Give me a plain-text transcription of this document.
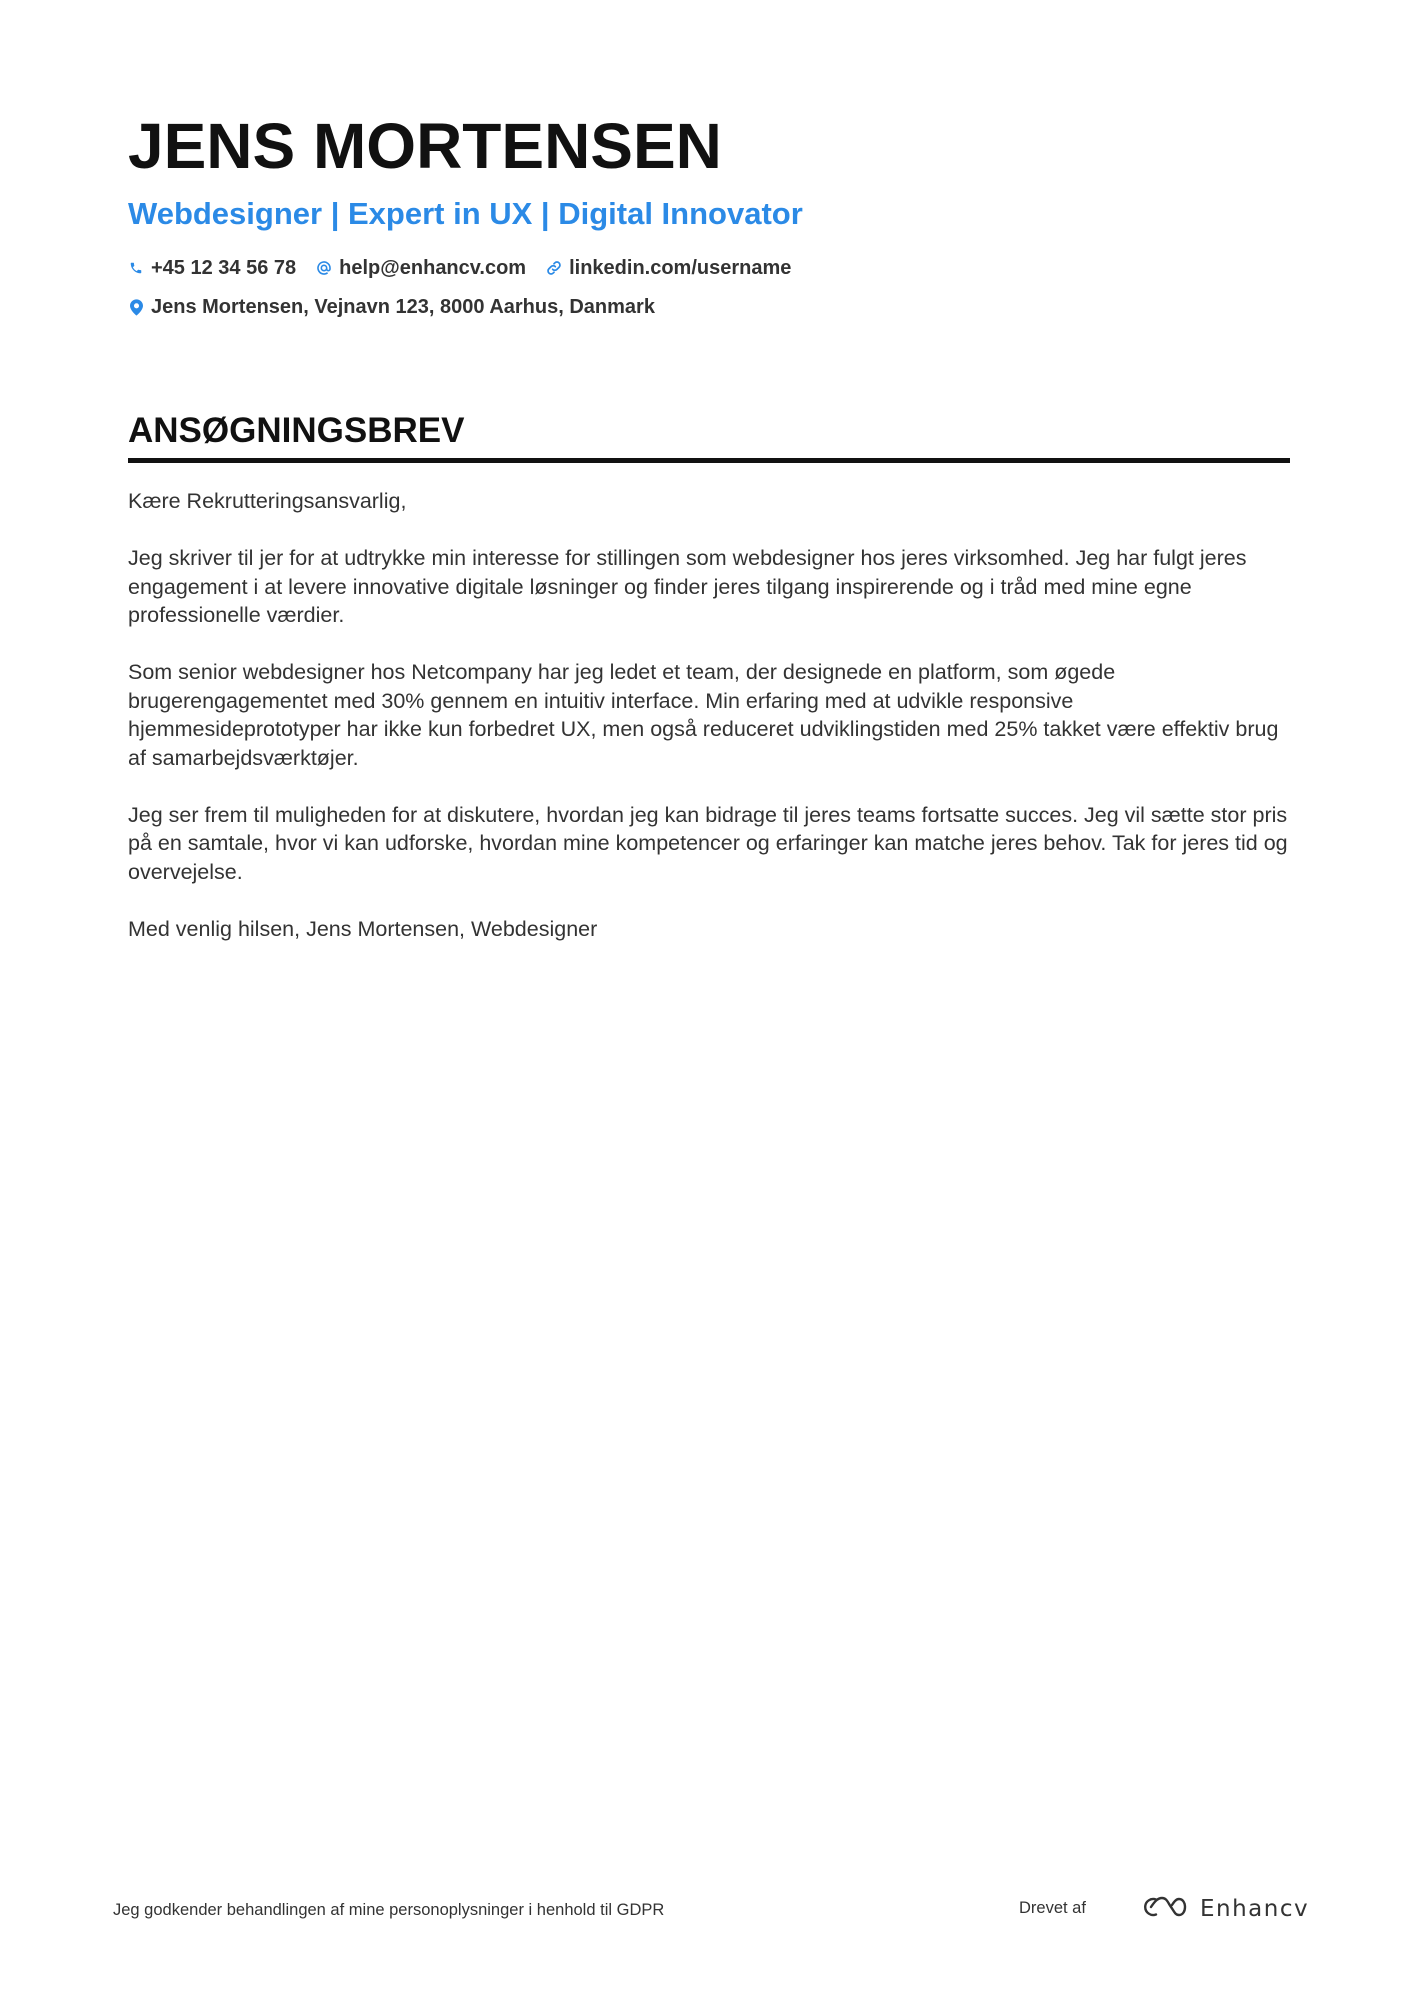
JENS MORTENSEN
Webdesigner | Expert in UX | Digital Innovator
+45 12 34 56 78 help@enhancv.com linkedin.com/username
Jens Mortensen, Vejnavn 123, 8000 Aarhus, Danmark
ANSØGNINGSBREV

Kære Rekrutteringsansvarlig,

Jeg skriver til jer for at udtrykke min interesse for stillingen som webdesigner hos jeres virksomhed. Jeg har fulgt jeres engagement i at levere innovative digitale løsninger og finder jeres tilgang inspirerende og i tråd med mine egne professionelle værdier.

Som senior webdesigner hos Netcompany har jeg ledet et team, der designede en platform, som øgede brugerengagementet med 30% gennem en intuitiv interface. Min erfaring med at udvikle responsive hjemmesideprototyper har ikke kun forbedret UX, men også reduceret udviklingstiden med 25% takket være effektiv brug af samarbejdsværktøjer.

Jeg ser frem til muligheden for at diskutere, hvordan jeg kan bidrage til jeres teams fortsatte succes. Jeg vil sætte stor pris på en samtale, hvor vi kan udforske, hvordan mine kompetencer og erfaringer kan matche jeres behov. Tak for jeres tid og overvejelse.

Med venlig hilsen, Jens Mortensen, Webdesigner

Jeg godkender behandlingen af mine personoplysninger i henhold til GDPR	Drevet af	Enhancv
